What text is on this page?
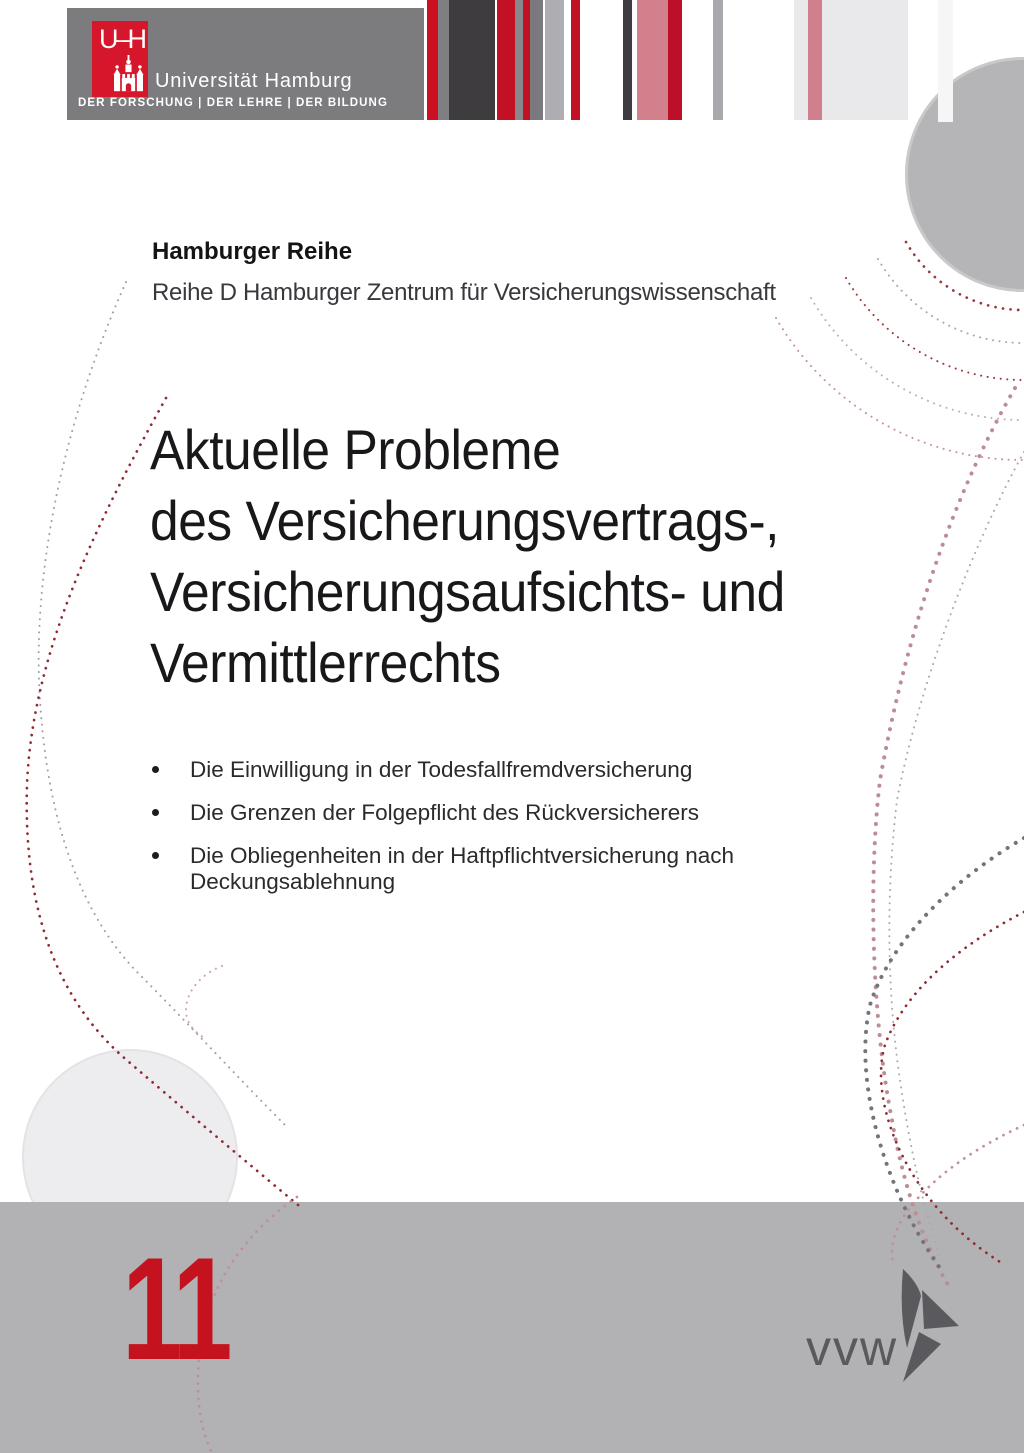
U–H
Universität Hamburg
DER FORSCHUNG | DER LEHRE | DER BILDUNG
Hamburger Reihe
Reihe D Hamburger Zentrum für Versicherungswissenschaft
Aktuelle Probleme
des Versicherungsvertrags-,
Versicherungsaufsichts- und
Vermittlerrechts
Die Einwilligung in der Todesfallfremdversicherung
Die Grenzen der Folgepflicht des Rückversicherers
Die Obliegenheiten in der Haftpflichtversicherung nach Deckungsablehnung
11	vvw
